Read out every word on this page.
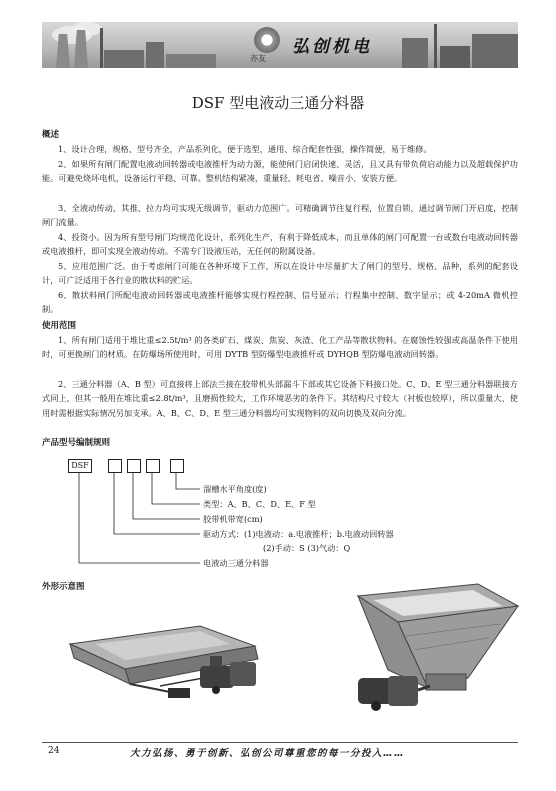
亦友
弘创机电
DSF 型电液动三通分料器
概述
1、设计合理，规格、型号齐全，产品系列化，便于选型，通用、综合配套性强，操作简便，易于维修。
2、如果所有闸门配置电液动回转器或电液推杆为动力源，能使闸门启闭快速、灵活，且又具有带负荷启动能力以及超载保护功能。可避免烧坏电机，设备运行平稳、可靠。整机结构紧凑，重量轻、耗电省、噪音小、安装方便。
3、全液动传动，其推、拉力均可实现无级调节，驱动力范围广。可精确调节往复行程，位置自锁，通过调节闸门开启度，控制闸门流量。
4、投资小。因为所有型号闸门均规范化设计，系列化生产，有利于降低成本，而且单体的闸门可配置一台或数台电液动回转器或电液推杆，即可实现全液动传动。不需专门设液压站，无任何的附属设备。
5、应用范围广泛。由于考虑闸门可能在各种环境下工作，所以在设计中尽量扩大了闸门的型号、规格、品种，系列的配套设计，可广泛适用于各行业的散状料的贮运。
6、散状料闸门所配电液动回转器或电液推杆能够实现行程控制、信号显示；行程集中控制、数字显示；或 4-20mA 微机控制。
使用范围
1、所有闸门适用于堆比重≤2.5t/m³ 的各类矿石、煤炭、焦炭、灰渣、化工产品等散状物料。在腐蚀性较强或高温条件下使用时，可更换闸门的材质。在防爆场所使用时，可用 DYTB 型防爆型电液推杆或 DYHQB 型防爆电液动回转器。
2、三通分料器（A、B 型）可直接将上部法兰接在胶带机头部漏斗下部或其它设备下料接口处。C、D、E 型三通分料器联接方式同上，但其一般用在堆比重≤2.8t/m³，且磨损性较大，工作环境恶劣的条件下。其结构尺寸较大（衬板也较厚），所以重量大、使用时需根据实际情况另加支承。A、B、C、D、E 型三通分料器均可实现物料的双向切换及双向分流。
产品型号编制规则
DSF
溜槽水平角度(度)
类型：A、B、C、D、E、F 型
胶带机带宽(cm)
驱动方式：(1)电液动：a.电液推杆；b.电液动回转器
(2)手动：S (3)气动：Q
电液动三通分料器
外形示意图
24	大力弘扬、勇于创新、弘创公司尊重您的每一分投入……
